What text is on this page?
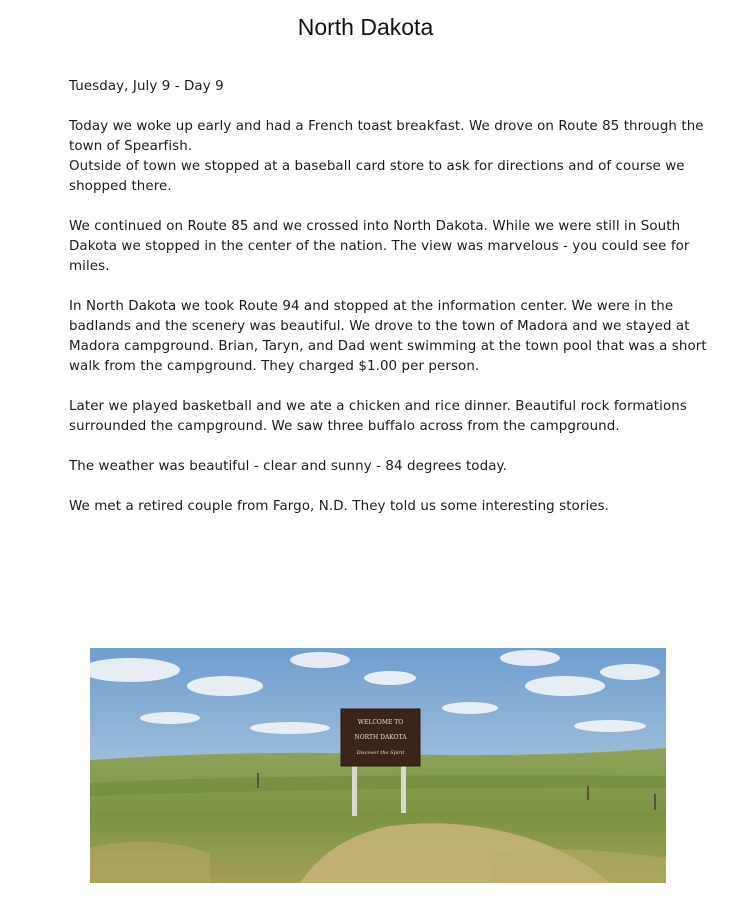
North Dakota

Tuesday, July 9 - Day 9

Today we woke up early and had a French toast breakfast. We drove on Route 85 through the town of Spearfish.

Outside of town we stopped at a baseball card store to ask for directions and of course we shopped there.

We continued on Route 85 and we crossed into North Dakota. While we were still in South Dakota we stopped in the center of the nation. The view was marvelous - you could see for miles.

In North Dakota we took Route 94 and stopped at the information center. We were in the badlands and the scenery was beautiful. We drove to the town of Madora and we stayed at Madora campground. Brian, Taryn, and Dad went swimming at the town pool that was a short walk from the campground. They charged $1.00 per person.

Later we played basketball and we ate a chicken and rice dinner. Beautiful rock formations surrounded the campground. We saw three buffalo across from the campground.

The weather was beautiful - clear and sunny - 84 degrees today.

We met a retired couple from Fargo, N.D. They told us some interesting stories.

WELCOME TO
NORTH DAKOTA
Discover the Spirit
